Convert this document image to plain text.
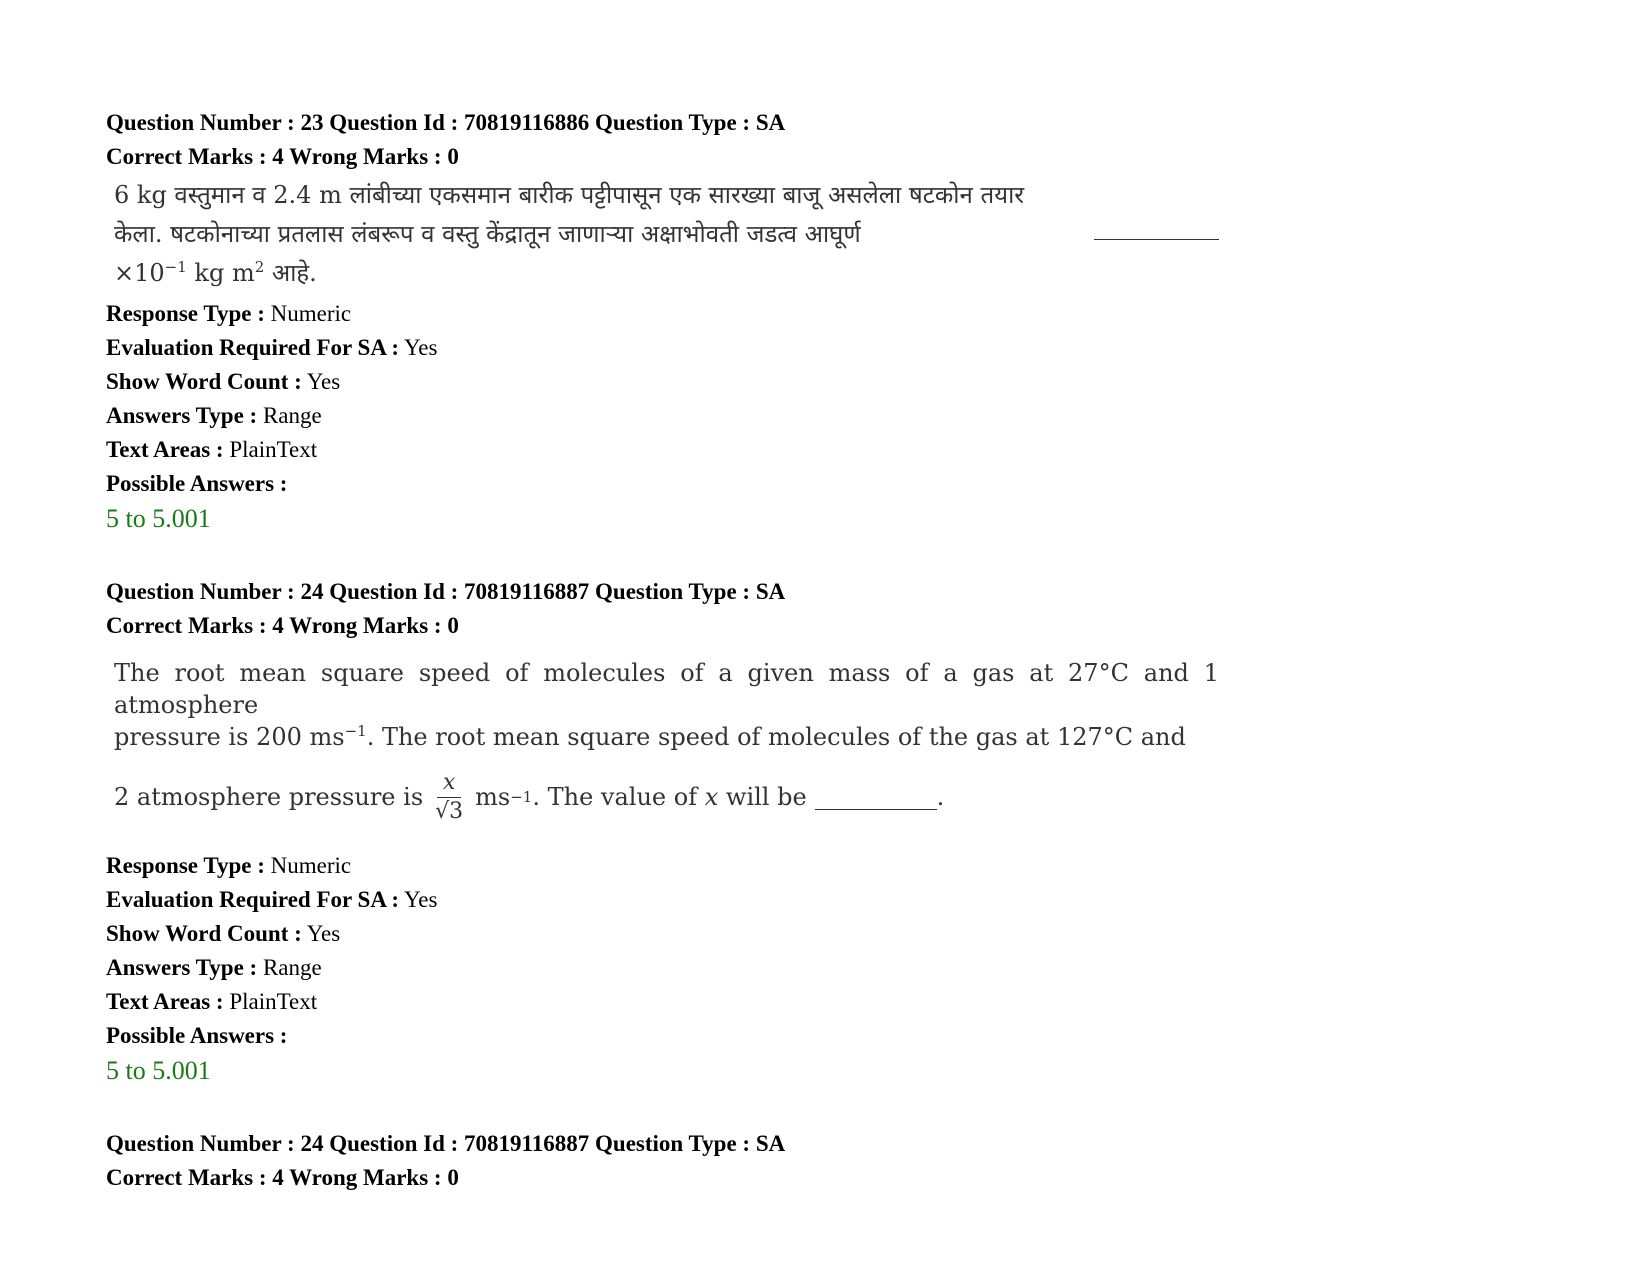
Question Number : 23 Question Id : 70819116886 Question Type : SA
Correct Marks : 4 Wrong Marks : 0
6 kg वस्तुमान व 2.4 m लांबीच्या एकसमान बारीक पट्टीपासून एक सारख्या बाजू असलेला षटकोन तयार
केला. षटकोनाच्या प्रतलास लंबरूप व वस्तु केंद्रातून जाणाऱ्या अक्षाभोवती जडत्व आघूर्ण
$\times 10^{-1}$ kg $m^2$ आहे.
Response Type : Numeric
Evaluation Required For SA : Yes
Show Word Count : Yes
Answers Type : Range
Text Areas : PlainText
Possible Answers :
5 to 5.001
Question Number : 24 Question Id : 70819116887 Question Type : SA
Correct Marks : 4 Wrong Marks : 0
The root mean square speed of molecules of a given mass of a gas at 27°C and 1 atmosphere
pressure is 200 $ms^{-1}$. The root mean square speed of molecules of the gas at 127°C and
2 atmosphere pressure is $\frac{x}{√3}$ ms −1 . The value of x will be	.
Response Type : Numeric
Evaluation Required For SA : Yes
Show Word Count : Yes
Answers Type : Range
Text Areas : PlainText
Possible Answers :
5 to 5.001
Question Number : 24 Question Id : 70819116887 Question Type : SA
Correct Marks : 4 Wrong Marks : 0
